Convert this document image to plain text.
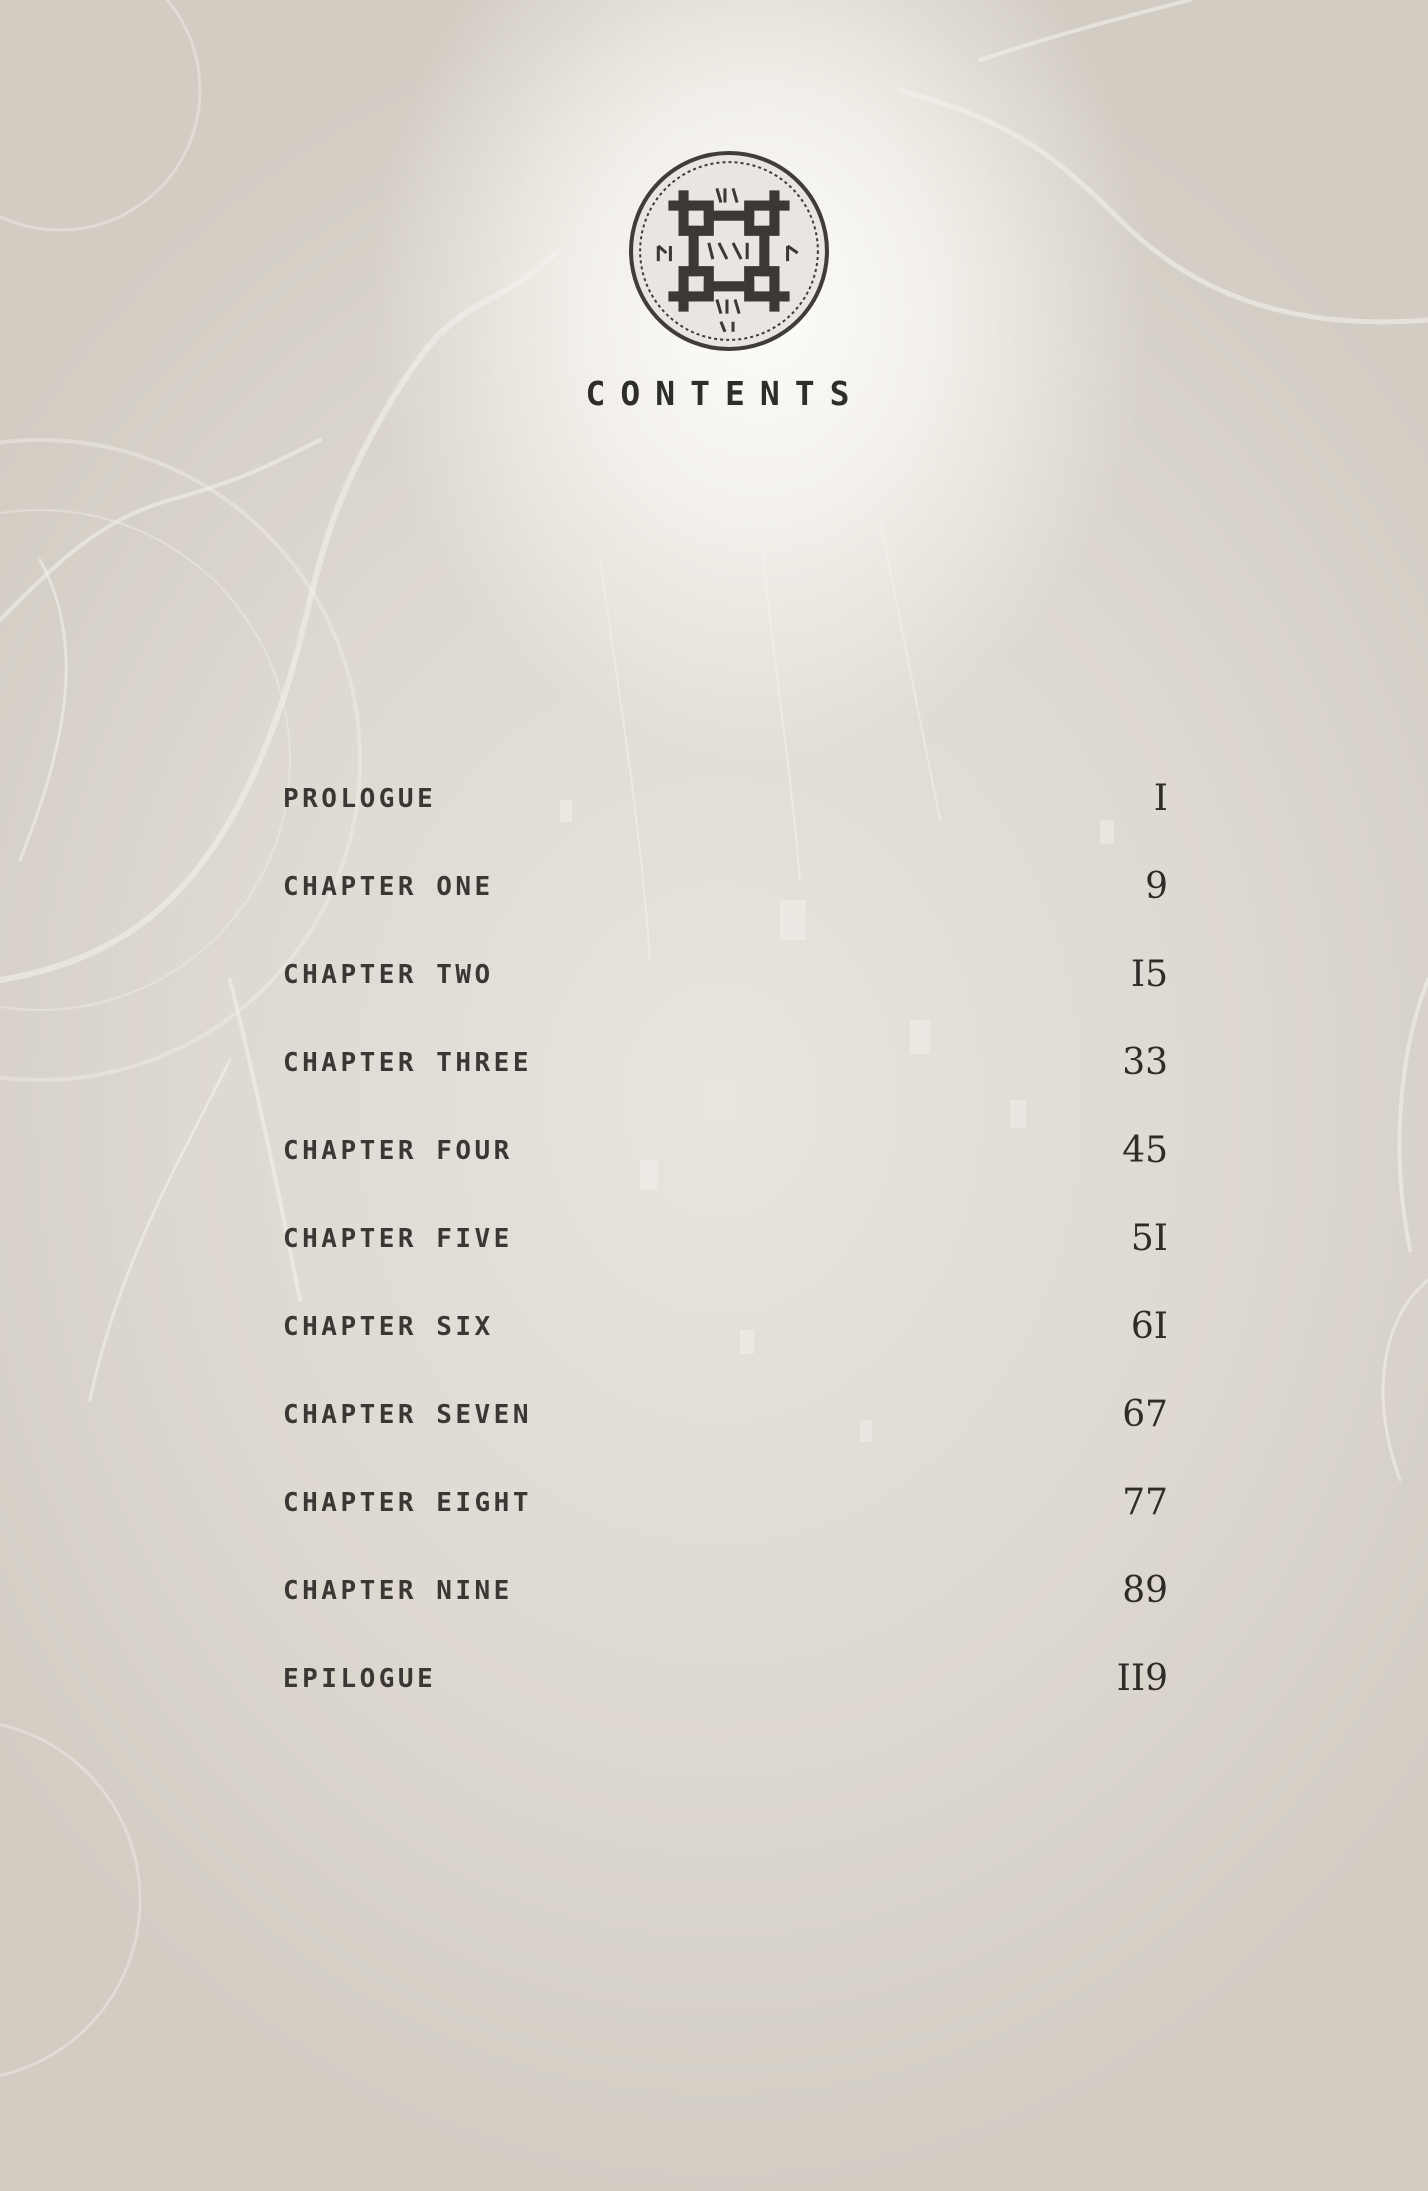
CONTENTS
PROLOGUE	I
CHAPTER ONE	9
CHAPTER TWO	I5
CHAPTER THREE	33
CHAPTER FOUR	45
CHAPTER FIVE	5I
CHAPTER SIX	6I
CHAPTER SEVEN	67
CHAPTER EIGHT	77
CHAPTER NINE	89
EPILOGUE	II9
